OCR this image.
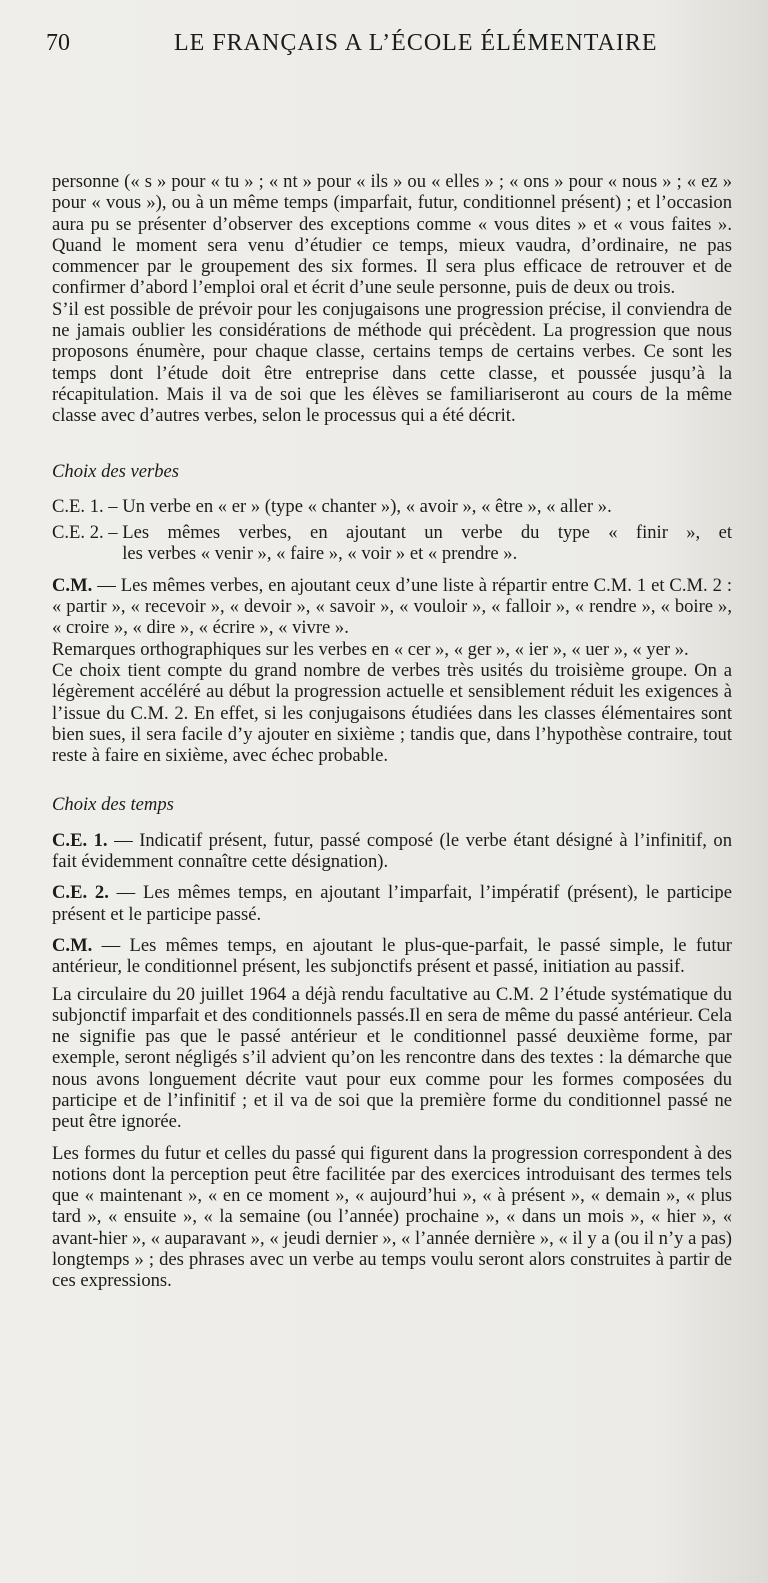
70	LE FRANÇAIS A L’ÉCOLE ÉLÉMENTAIRE

personne (« s » pour « tu » ; « nt » pour « ils » ou « elles » ; « ons » pour « nous » ; « ez » pour « vous »), ou à un même temps (imparfait, futur, conditionnel présent) ; et l’occasion aura pu se présenter d’observer des exceptions comme « vous dites » et « vous faites ». Quand le moment sera venu d’étudier ce temps, mieux vaudra, d’ordinaire, ne pas commencer par le groupement des six formes. Il sera plus efficace de retrouver et de confirmer d’abord l’emploi oral et écrit d’une seule personne, puis de deux ou trois.

S’il est possible de prévoir pour les conjugaisons une progression précise, il conviendra de ne jamais oublier les considérations de méthode qui précèdent. La progression que nous proposons énumère, pour chaque classe, certains temps de certains verbes. Ce sont les temps dont l’étude doit être entreprise dans cette classe, et poussée jusqu’à la récapitulation. Mais il va de soi que les élèves se familiariseront au cours de la même classe avec d’autres verbes, selon le processus qui a été décrit.

Choix des verbes

C.E. 1. –
Un verbe en « er » (type « chanter »), « avoir », « être », « aller ».
C.E. 2. –
Les mêmes verbes, en ajoutant un verbe du type « finir », et
les verbes « venir », « faire », « voir » et « prendre ».

C.M. — Les mêmes verbes, en ajoutant ceux d’une liste à répartir entre C.M. 1 et C.M. 2 : « partir », « recevoir », « devoir », « savoir », « vouloir », « falloir », « rendre », « boire », « croire », « dire », « écrire », « vivre ».

Remarques orthographiques sur les verbes en « cer », « ger », « ier », « uer », « yer ».

Ce choix tient compte du grand nombre de verbes très usités du troisième groupe. On a légèrement accéléré au début la progression actuelle et sensiblement réduit les exigences à l’issue du C.M. 2. En effet, si les conjugaisons étudiées dans les classes élémentaires sont bien sues, il sera facile d’y ajouter en sixième ; tandis que, dans l’hypothèse contraire, tout reste à faire en sixième, avec échec probable.

Choix des temps

C.E. 1. — Indicatif présent, futur, passé composé (le verbe étant désigné à l’infinitif, on fait évidemment connaître cette désignation).

C.E. 2. — Les mêmes temps, en ajoutant l’imparfait, l’impératif (présent), le participe présent et le participe passé.

C.M. — Les mêmes temps, en ajoutant le plus-que-parfait, le passé simple, le futur antérieur, le conditionnel présent, les subjonctifs présent et passé, initiation au passif.

La circulaire du 20 juillet 1964 a déjà rendu facultative au C.M. 2 l’étude systématique du subjonctif imparfait et des conditionnels passés.Il en sera de même du passé antérieur. Cela ne signifie pas que le passé antérieur et le conditionnel passé deuxième forme, par exemple, seront négligés s’il advient qu’on les rencontre dans des textes : la démarche que nous avons longuement décrite vaut pour eux comme pour les formes composées du participe et de l’infinitif ; et il va de soi que la première forme du conditionnel passé ne peut être ignorée.

Les formes du futur et celles du passé qui figurent dans la progression correspondent à des notions dont la perception peut être facilitée par des exercices introduisant des termes tels que « maintenant », « en ce moment », « aujourd’hui », « à présent », « demain », « plus tard », « ensuite », « la semaine (ou l’année) prochaine », « dans un mois », « hier », « avant-hier », « auparavant », « jeudi dernier », « l’année dernière », « il y a (ou il n’y a pas) longtemps » ; des phrases avec un verbe au temps voulu seront alors construites à partir de ces expressions.
